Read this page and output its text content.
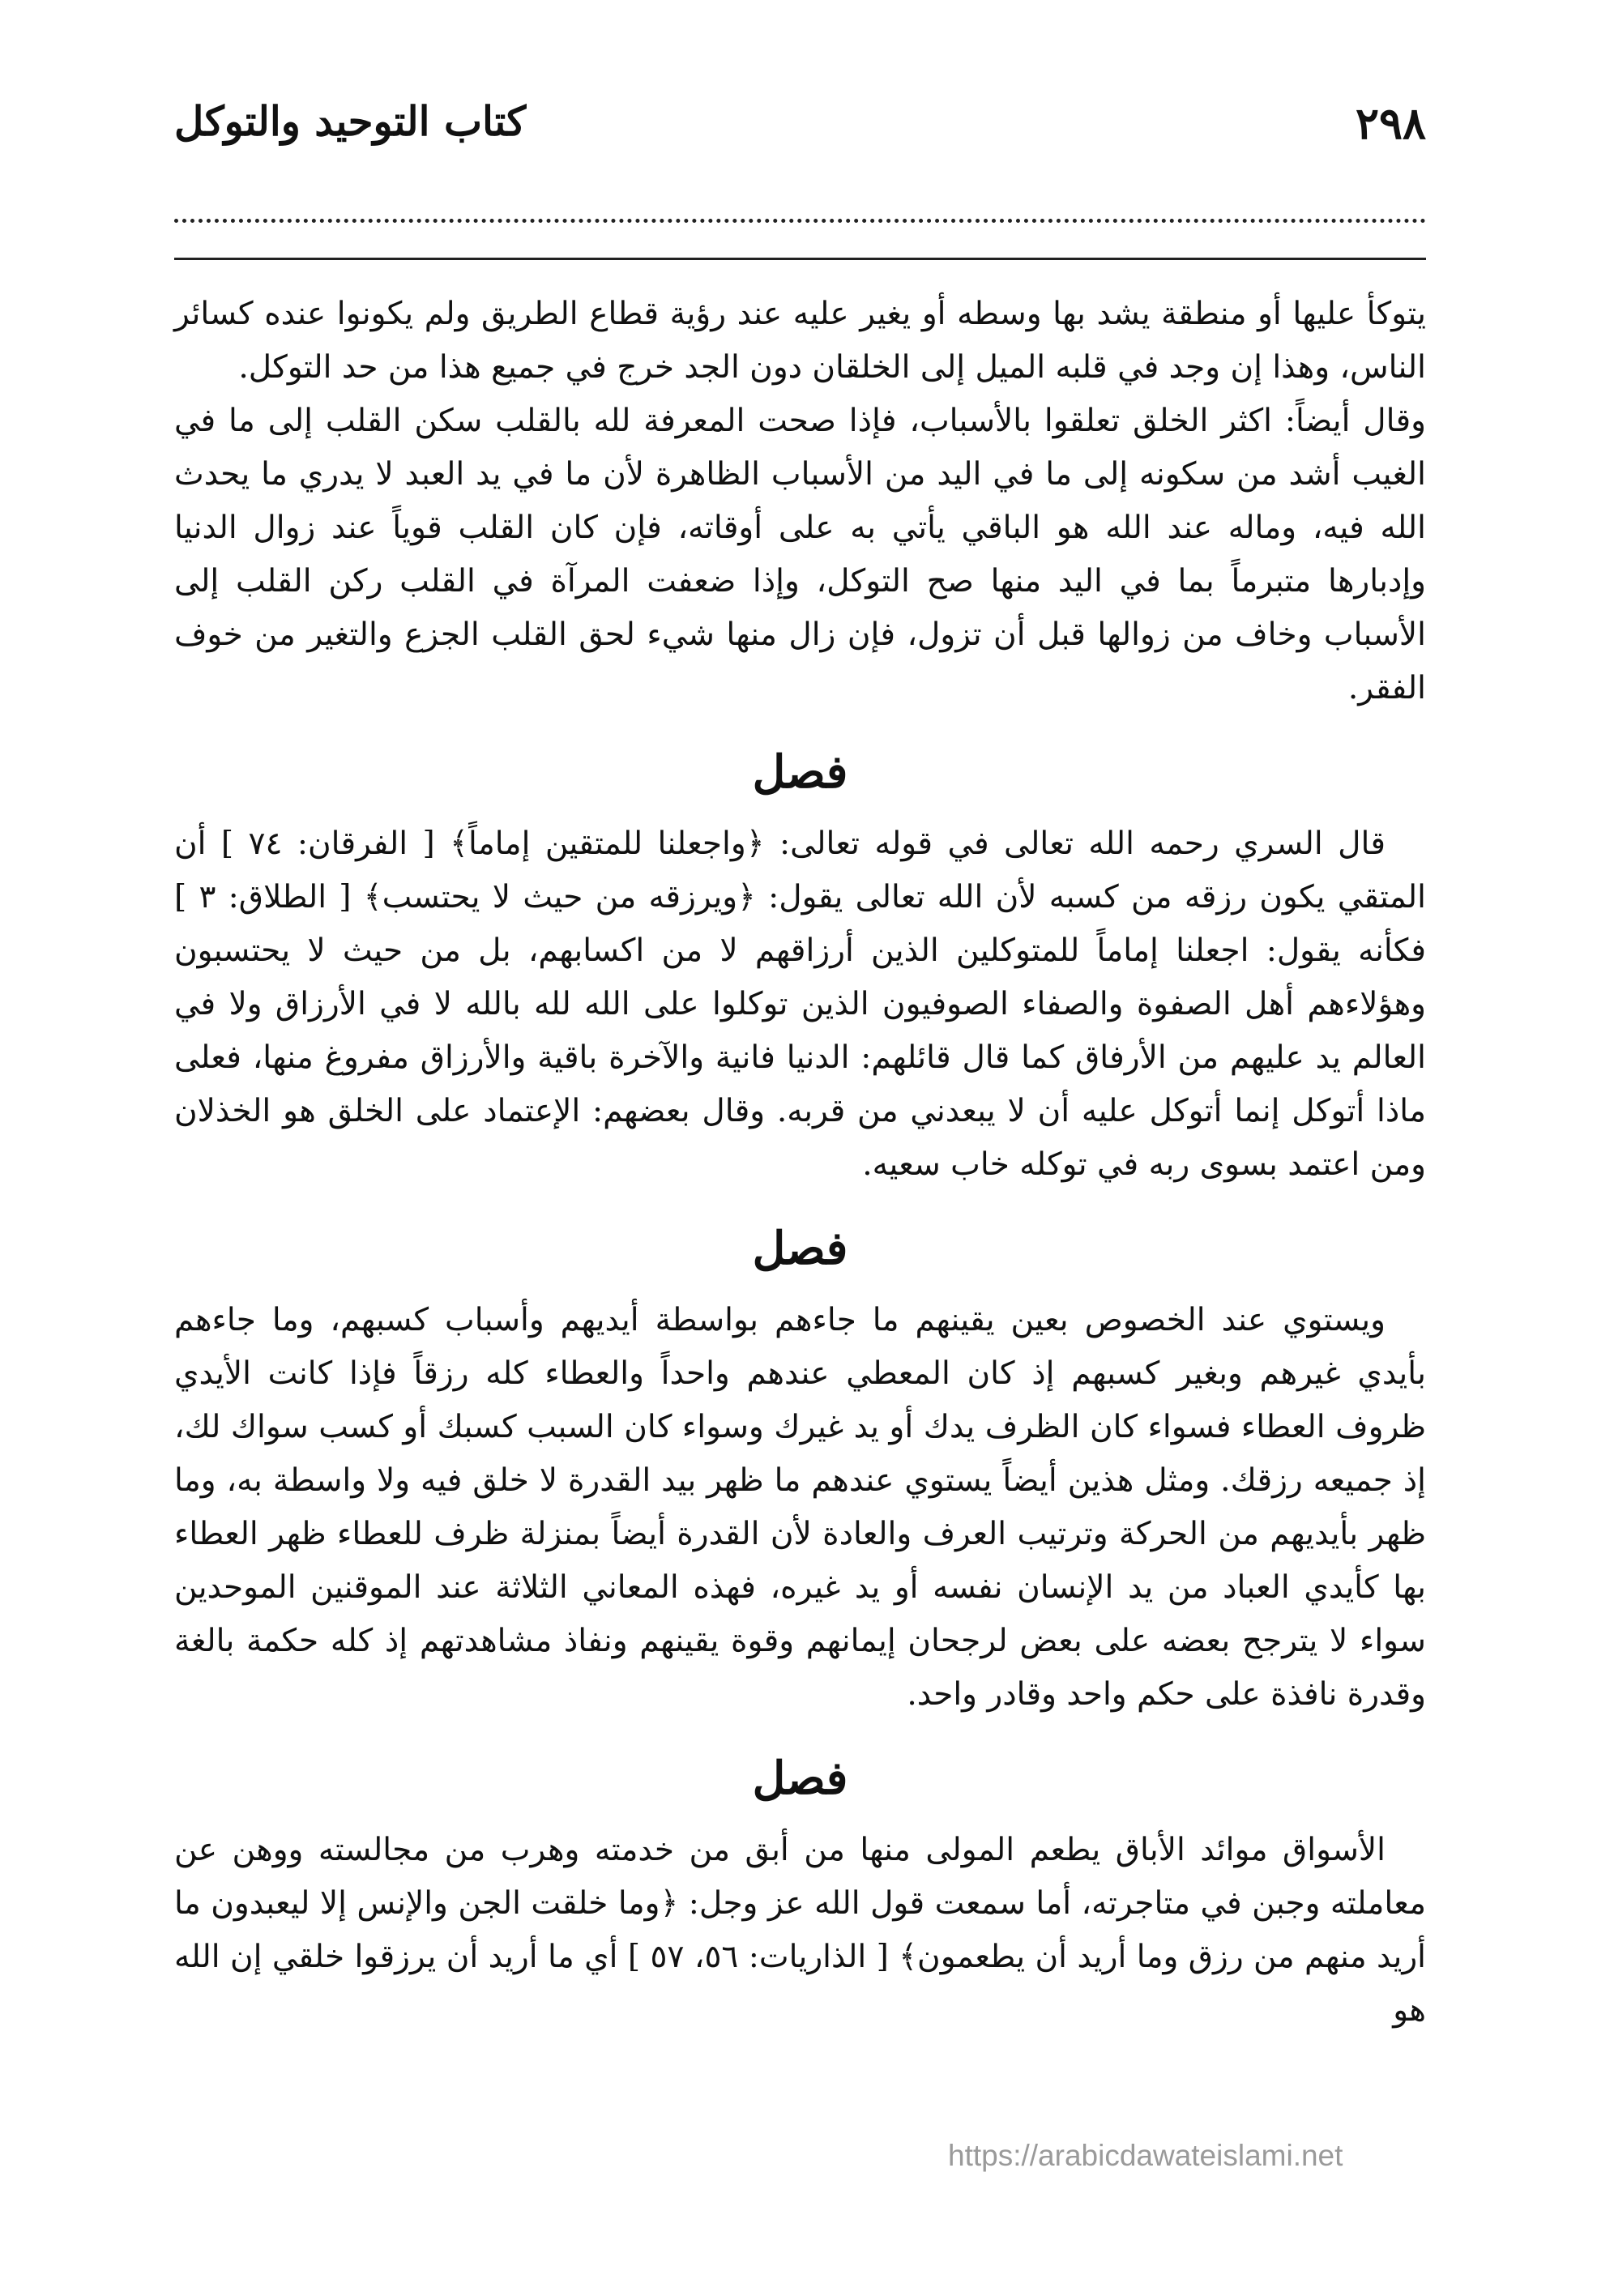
٢٩٨
كتاب التوحيد والتوكل

يتوكأ عليها أو منطقة يشد بها وسطه أو يغير عليه عند رؤية قطاع الطريق ولم يكونوا عنده كسائر الناس، وهذا إن وجد في قلبه الميل إلى الخلقان دون الجد خرج في جميع هذا من حد التوكل.

وقال أيضاً: اكثر الخلق تعلقوا بالأسباب، فإذا صحت المعرفة لله بالقلب سكن القلب إلى ما في الغيب أشد من سكونه إلى ما في اليد من الأسباب الظاهرة لأن ما في يد العبد لا يدري ما يحدث الله فيه، وماله عند الله هو الباقي يأتي به على أوقاته، فإن كان القلب قوياً عند زوال الدنيا وإدبارها متبرماً بما في اليد منها صح التوكل، وإذا ضعفت المرآة في القلب ركن القلب إلى الأسباب وخاف من زوالها قبل أن تزول، فإن زال منها شيء لحق القلب الجزع والتغير من خوف الفقر.

فصل

قال السري رحمه الله تعالى في قوله تعالى: ﴿واجعلنا للمتقين إماماً﴾ [ الفرقان: ٧٤ ] أن المتقي يكون رزقه من كسبه لأن الله تعالى يقول: ﴿ويرزقه من حيث لا يحتسب﴾ [ الطلاق: ٣ ] فكأنه يقول: اجعلنا إماماً للمتوكلين الذين أرزاقهم لا من اكسابهم، بل من حيث لا يحتسبون وهؤلاءهم أهل الصفوة والصفاء الصوفيون الذين توكلوا على الله لله بالله لا في الأرزاق ولا في العالم يد عليهم من الأرفاق كما قال قائلهم: الدنيا فانية والآخرة باقية والأرزاق مفروغ منها، فعلى ماذا أتوكل إنما أتوكل عليه أن لا يبعدني من قربه. وقال بعضهم: الإعتماد على الخلق هو الخذلان ومن اعتمد بسوى ربه في توكله خاب سعيه.

فصل

ويستوي عند الخصوص بعين يقينهم ما جاءهم بواسطة أيديهم وأسباب كسبهم، وما جاءهم بأيدي غيرهم وبغير كسبهم إذ كان المعطي عندهم واحداً والعطاء كله رزقاً فإذا كانت الأيدي ظروف العطاء فسواء كان الظرف يدك أو يد غيرك وسواء كان السبب كسبك أو كسب سواك لك، إذ جميعه رزقك. ومثل هذين أيضاً يستوي عندهم ما ظهر بيد القدرة لا خلق فيه ولا واسطة به، وما ظهر بأيديهم من الحركة وترتيب العرف والعادة لأن القدرة أيضاً بمنزلة ظرف للعطاء ظهر العطاء بها كأيدي العباد من يد الإنسان نفسه أو يد غيره، فهذه المعاني الثلاثة عند الموقنين الموحدين سواء لا يترجح بعضه على بعض لرجحان إيمانهم وقوة يقينهم ونفاذ مشاهدتهم إذ كله حكمة بالغة وقدرة نافذة على حكم واحد وقادر واحد.

فصل

الأسواق موائد الأباق يطعم المولى منها من أبق من خدمته وهرب من مجالسته ووهن عن معاملته وجبن في متاجرته، أما سمعت قول الله عز وجل: ﴿وما خلقت الجن والإنس إلا ليعبدون ما أريد منهم من رزق وما أريد أن يطعمون﴾ [ الذاريات: ٥٦، ٥٧ ] أي ما أريد أن يرزقوا خلقي إن الله هو

https://arabicdawateislami.net
